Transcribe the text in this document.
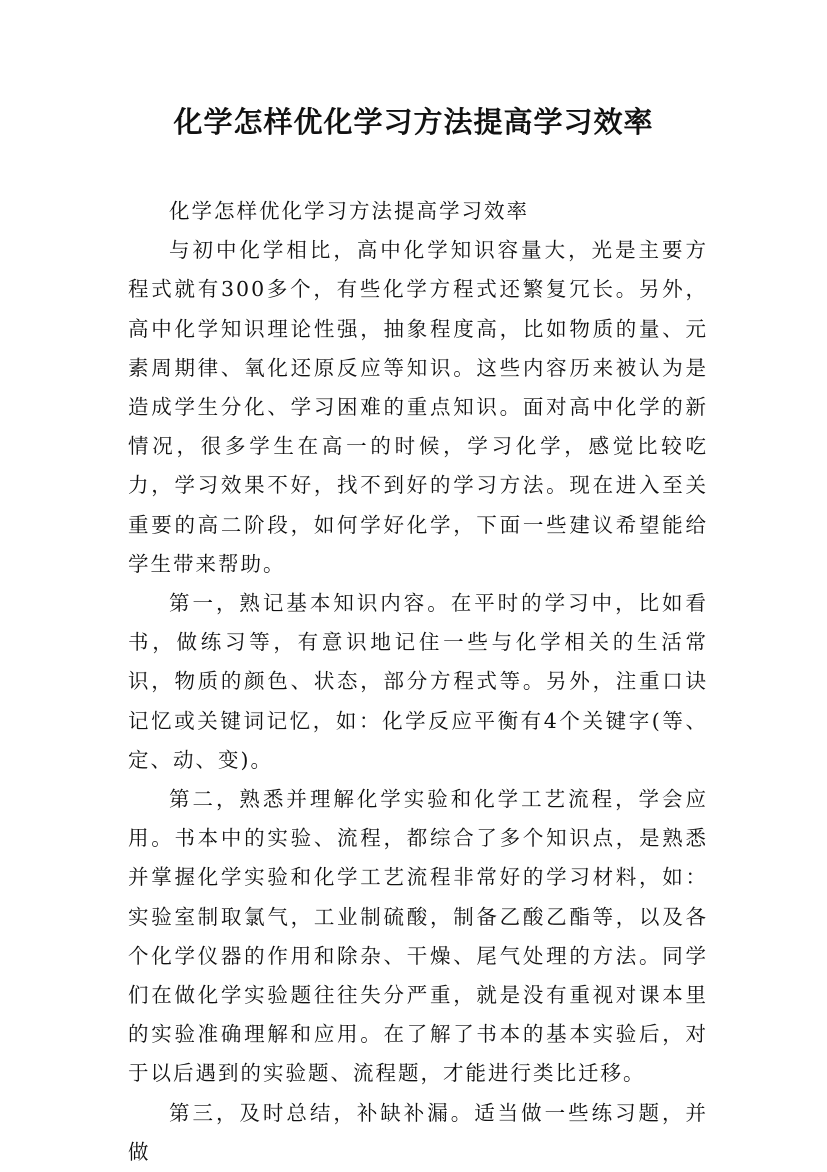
化学怎样优化学习方法提高学习效率

化学怎样优化学习方法提高学习效率

与初中化学相比，高中化学知识容量大，光是主要方程式就有300多个，有些化学方程式还繁复冗长。另外，高中化学知识理论性强，抽象程度高，比如物质的量、元素周期律、氧化还原反应等知识。这些内容历来被认为是造成学生分化、学习困难的重点知识。面对高中化学的新情况，很多学生在高一的时候，学习化学，感觉比较吃力，学习效果不好，找不到好的学习方法。现在进入至关重要的高二阶段，如何学好化学，下面一些建议希望能给学生带来帮助。

第一，熟记基本知识内容。在平时的学习中，比如看书，做练习等，有意识地记住一些与化学相关的生活常识，物质的颜色、状态，部分方程式等。另外，注重口诀记忆或关键词记忆，如：化学反应平衡有4个关键字(等、定、动、变)。

第二，熟悉并理解化学实验和化学工艺流程，学会应用。书本中的实验、流程，都综合了多个知识点，是熟悉并掌握化学实验和化学工艺流程非常好的学习材料，如：实验室制取氯气，工业制硫酸，制备乙酸乙酯等，以及各个化学仪器的作用和除杂、干燥、尾气处理的方法。同学们在做化学实验题往往失分严重，就是没有重视对课本里的实验准确理解和应用。在了解了书本的基本实验后，对于以后遇到的实验题、流程题，才能进行类比迁移。

第三，及时总结，补缺补漏。适当做一些练习题，并做
